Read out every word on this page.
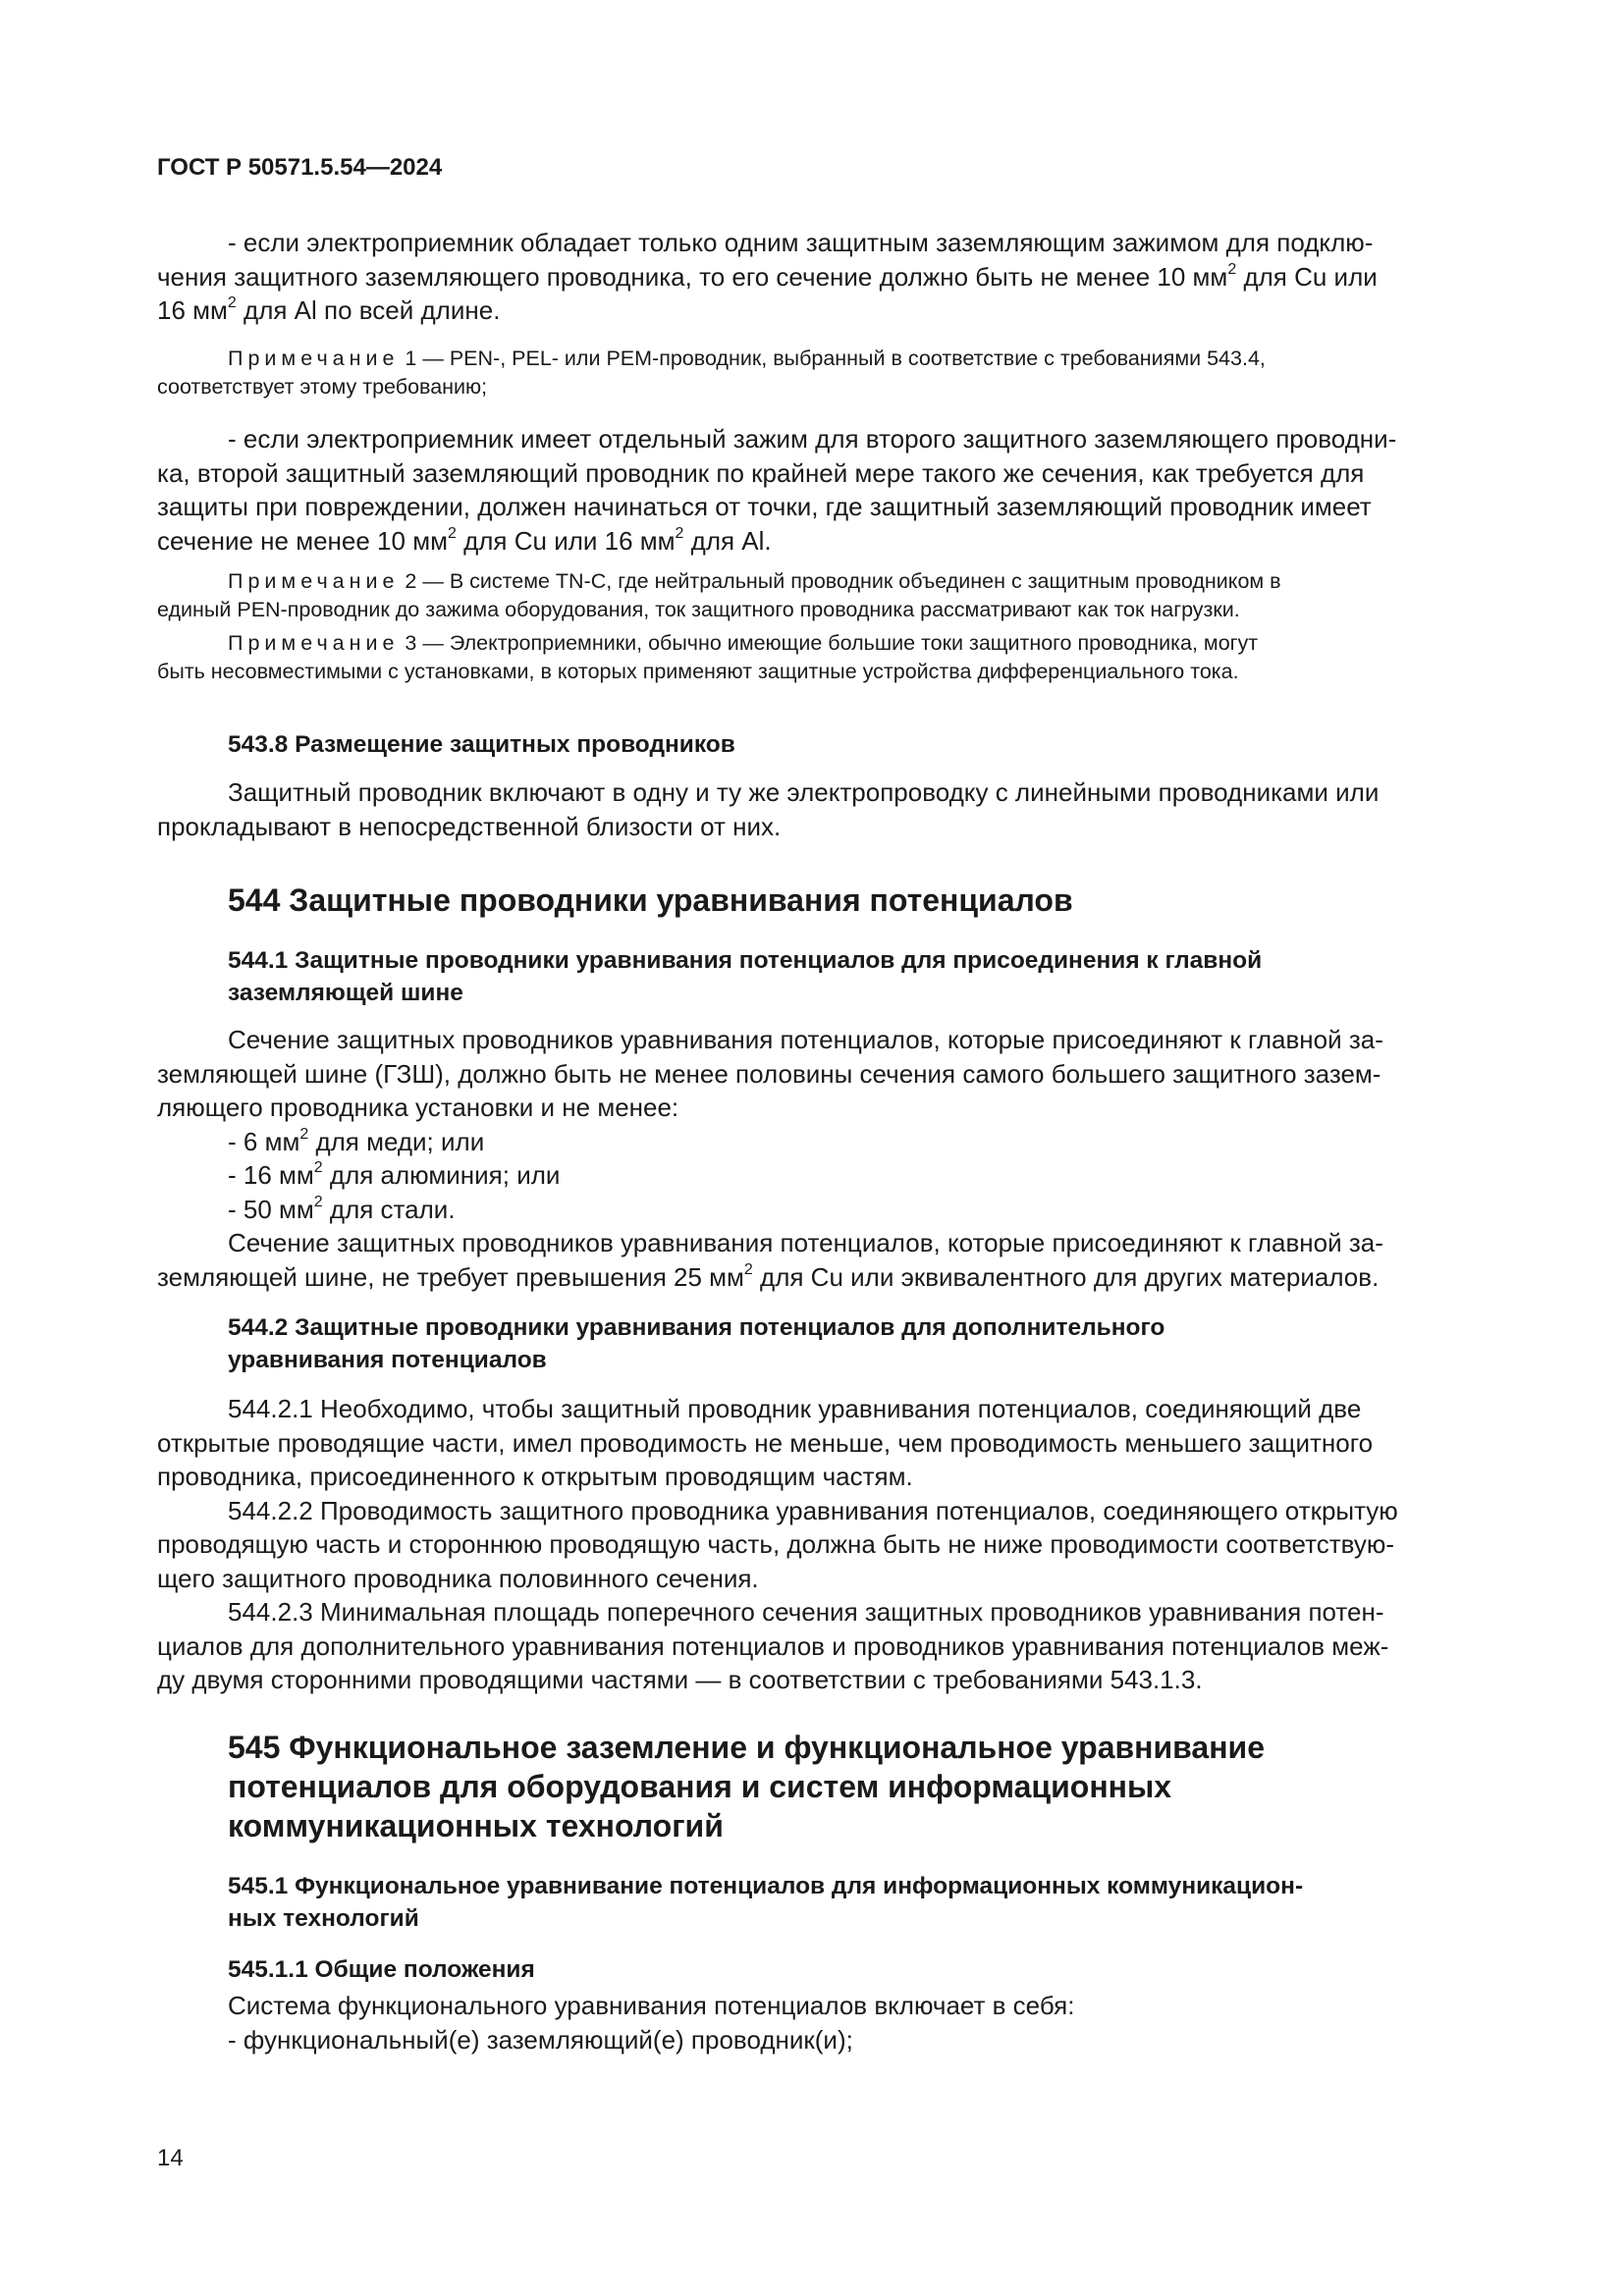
ГОСТ Р 50571.5.54—2024
- если электроприемник обладает только одним защитным заземляющим зажимом для подклю-
чения защитного заземляющего проводника, то его сечение должно быть не менее 10 $мм^2$ для Cu или
16 $мм^2$ для Al по всей длине.
Примечание 1 — PEN-, PEL- или PEM-проводник, выбранный в соответствие с требованиями 543.4,
соответствует этому требованию;
- если электроприемник имеет отдельный зажим для второго защитного заземляющего проводни-
ка, второй защитный заземляющий проводник по крайней мере такого же сечения, как требуется для
защиты при повреждении, должен начинаться от точки, где защитный заземляющий проводник имеет
сечение не менее 10 $мм^2$ для Cu или 16 $мм^2$ для Al.
Примечание 2 — В системе TN-C, где нейтральный проводник объединен с защитным проводником в
единый PEN-проводник до зажима оборудования, ток защитного проводника рассматривают как ток нагрузки.
Примечание 3 — Электроприемники, обычно имеющие большие токи защитного проводника, могут
быть несовместимыми с установками, в которых применяют защитные устройства дифференциального тока.
543.8 Размещение защитных проводников
Защитный проводник включают в одну и ту же электропроводку с линейными проводниками или
прокладывают в непосредственной близости от них.
544 Защитные проводники уравнивания потенциалов
544.1 Защитные проводники уравнивания потенциалов для присоединения к главной
заземляющей шине
Сечение защитных проводников уравнивания потенциалов, которые присоединяют к главной за-
земляющей шине (ГЗШ), должно быть не менее половины сечения самого большего защитного зазем-
ляющего проводника установки и не менее:
- 6 $мм^2$ для меди; или
- 16 $мм^2$ для алюминия; или
- 50 $мм^2$ для стали.
Сечение защитных проводников уравнивания потенциалов, которые присоединяют к главной за-
земляющей шине, не требует превышения 25 $мм^2$ для Cu или эквивалентного для других материалов.
544.2 Защитные проводники уравнивания потенциалов для дополнительного
уравнивания потенциалов
544.2.1 Необходимо, чтобы защитный проводник уравнивания потенциалов, соединяющий две
открытые проводящие части, имел проводимость не меньше, чем проводимость меньшего защитного
проводника, присоединенного к открытым проводящим частям.
544.2.2 Проводимость защитного проводника уравнивания потенциалов, соединяющего открытую
проводящую часть и стороннюю проводящую часть, должна быть не ниже проводимости соответствую-
щего защитного проводника половинного сечения.
544.2.3 Минимальная площадь поперечного сечения защитных проводников уравнивания потен-
циалов для дополнительного уравнивания потенциалов и проводников уравнивания потенциалов меж-
ду двумя сторонними проводящими частями — в соответствии с требованиями 543.1.3.
545 Функциональное заземление и функциональное уравнивание
потенциалов для оборудования и систем информационных
коммуникационных технологий
545.1 Функциональное уравнивание потенциалов для информационных коммуникацион-
ных технологий
545.1.1 Общие положения
Система функционального уравнивания потенциалов включает в себя:
- функциональный(е) заземляющий(е) проводник(и);
14
